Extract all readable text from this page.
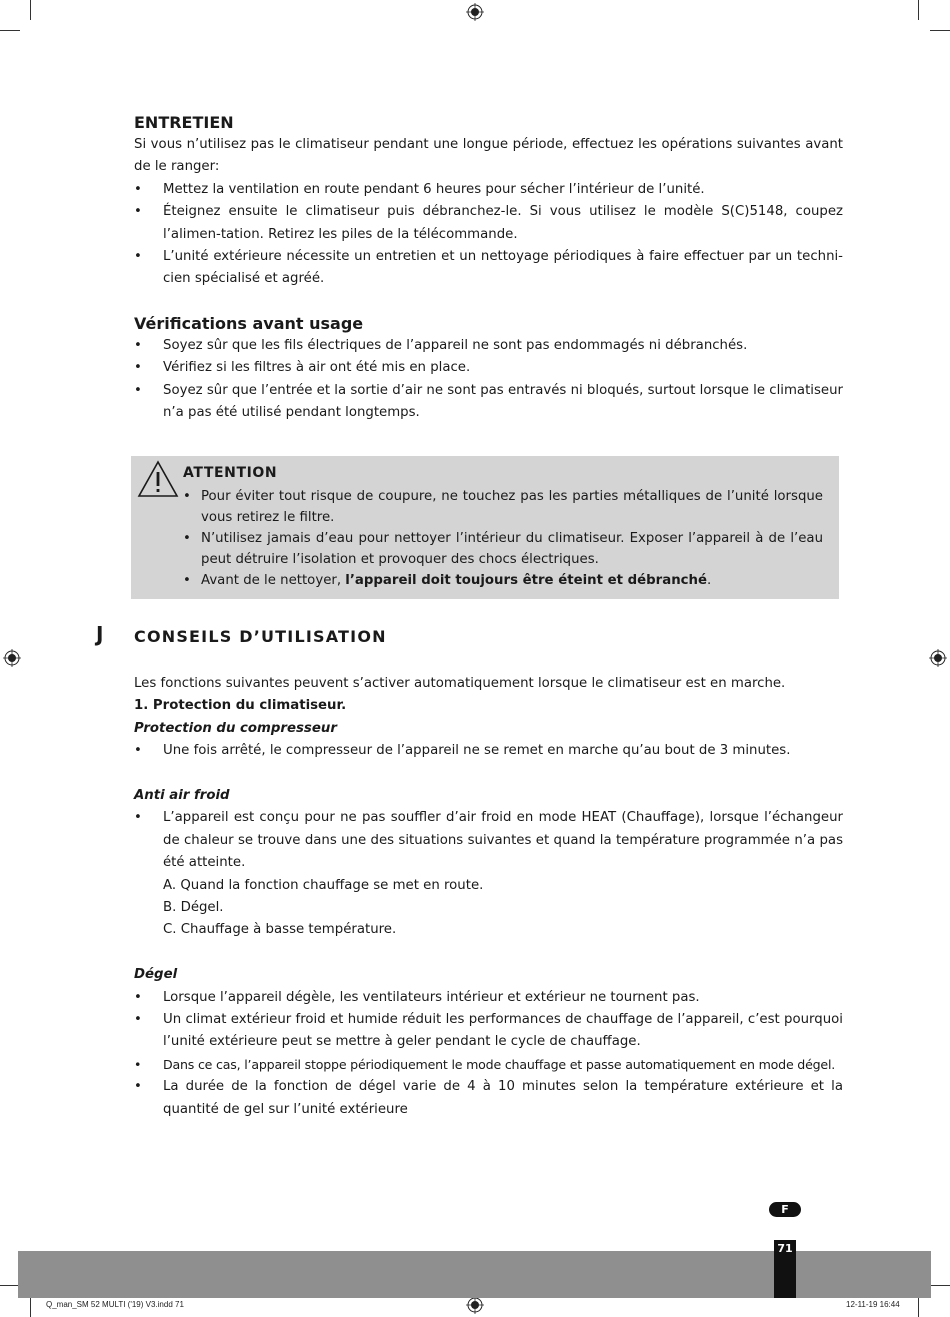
ENTRETIEN

Si vous n’utilisez pas le climatiseur pendant une longue période, effectuez les opérations suivantes avant de le ranger:

• Mettez la ventilation en route pendant 6 heures pour sécher l’intérieur de l’unité.

• Éteignez ensuite le climatiseur puis débranchez-le. Si vous utilisez le modèle S(C)5148, coupez l’alimen-tation. Retirez les piles de la télécommande.

• L’unité extérieure nécessite un entretien et un nettoyage périodiques à faire effectuer par un techni-cien spécialisé et agréé.

Vérifications avant usage

• Soyez sûr que les fils électriques de l’appareil ne sont pas endommagés ni débranchés.

• Vérifiez si les filtres à air ont été mis en place.

• Soyez sûr que l’entrée et la sortie d’air ne sont pas entravés ni bloqués, surtout lorsque le climatiseur n’a pas été utilisé pendant longtemps.

ATTENTION

• Pour éviter tout risque de coupure, ne touchez pas les parties métalliques de l’unité lorsque vous retirez le filtre.

• N’utilisez jamais d’eau pour nettoyer l’intérieur du climatiseur. Exposer l’appareil à de l’eau peut détruire l’isolation et provoquer des chocs électriques.

• Avant de le nettoyer, l’appareil doit toujours être éteint et débranché.

J CONSEILS D’UTILISATION

Les fonctions suivantes peuvent s’activer automatiquement lorsque le climatiseur est en marche.

1. Protection du climatiseur.

Protection du compresseur

• Une fois arrêté, le compresseur de l’appareil ne se remet en marche qu’au bout de 3 minutes.

Anti air froid

• L’appareil est conçu pour ne pas souffler d’air froid en mode HEAT (Chauffage), lorsque l’échangeur de chaleur se trouve dans une des situations suivantes et quand la température programmée n’a pas été atteinte.

A. Quand la fonction chauffage se met en route.

B. Dégel.

C. Chauffage à basse température.

Dégel

• Lorsque l’appareil dégèle, les ventilateurs intérieur et extérieur ne tournent pas.

• Un climat extérieur froid et humide réduit les performances de chauffage de l’appareil, c’est pourquoi l’unité extérieure peut se mettre à geler pendant le cycle de chauffage.

• Dans ce cas, l’appareil stoppe périodiquement le mode chauffage et passe automatiquement en mode dégel.

• La durée de la fonction de dégel varie de 4 à 10 minutes selon la température extérieure et la quantité de gel sur l’unité extérieure

F
71
Q_man_SM 52 MULTI ('19) V3.indd 71	12-11-19 16:44
